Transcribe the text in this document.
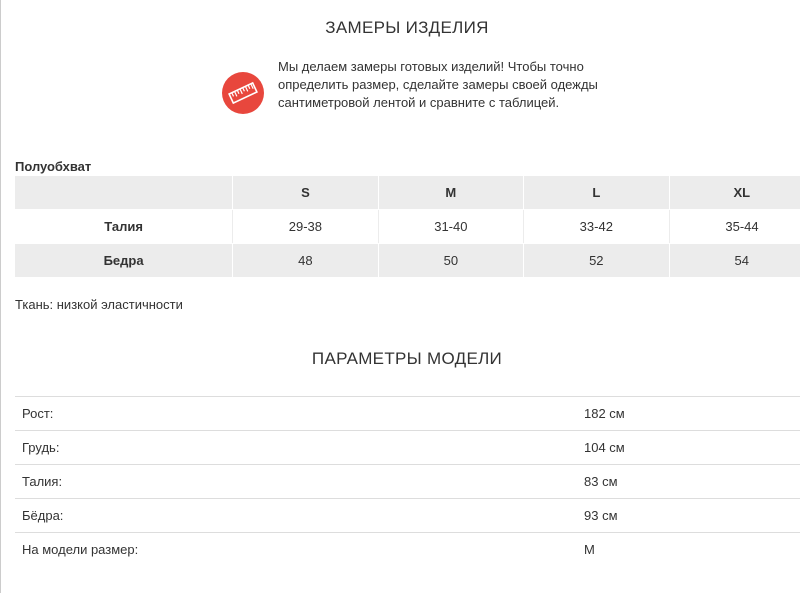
ЗАМЕРЫ ИЗДЕЛИЯ
Мы делаем замеры готовых изделий! Чтобы точно определить размер, сделайте замеры своей одежды сантиметровой лентой и сравните с таблицей.
Полуобхват
	S	M	L	XL
Талия	29-38	31-40	33-42	35-44
Бедра	48	50	52	54
Ткань: низкой эластичности
ПАРАМЕТРЫ МОДЕЛИ
Рост:	182 см
Грудь:	104 см
Талия:	83 см
Бёдра:	93 см
На модели размер:	M
